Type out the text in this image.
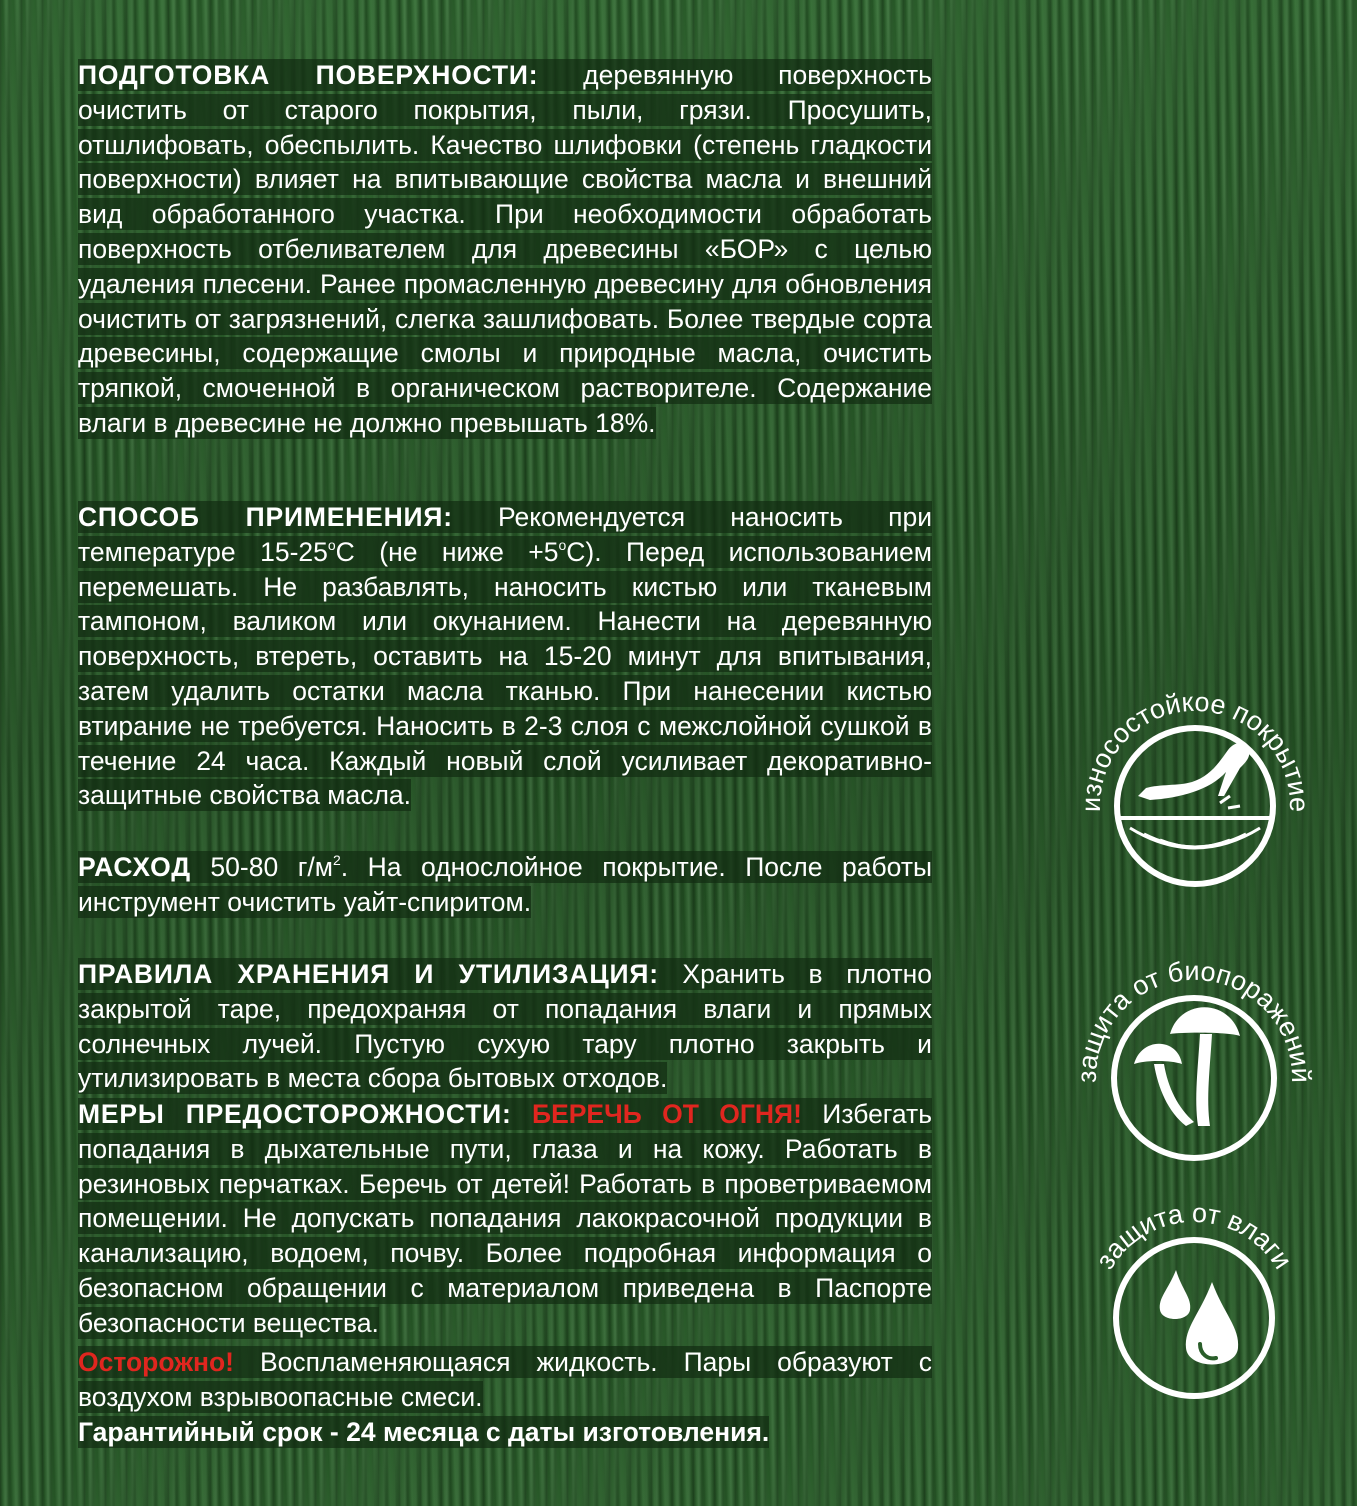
ПОДГОТОВКА ПОВЕРХНОСТИ: деревянную поверхность очистить от старого покрытия, пыли, грязи. Просушить, отшлифовать, обеспылить. Качество шлифовки (степень гладкости поверхности) влияет на впитывающие свойства масла и внешний вид обработанного участка. При необходимости обработать поверхность отбеливателем для древесины «БОР» с целью удаления плесени. Ранее промасленную древесину для обновления очистить от загрязнений, слегка зашлифовать. Более твердые сорта древесины, содержащие смолы и природные масла, очистить тряпкой, смоченной в органическом растворителе. Содержание влаги в древесине не должно превышать 18%.

СПОСОБ ПРИМЕНЕНИЯ: Рекомендуется наносить при температуре $15-25^оС$ (не ниже $+5^оС$). Перед использованием перемешать. Не разбавлять, наносить кистью или тканевым тампоном, валиком или окунанием. Нанести на деревянную поверхность, втереть, оставить на 15-20 минут для впитывания, затем удалить остатки масла тканью. При нанесении кистью втирание не требуется. Наносить в 2-3 слоя с межслойной сушкой в течение 24 часа. Каждый новый слой усиливает декоративно-защитные свойства масла.

РАСХОД 50-80 $г/м^2$. На однослойное покрытие. После работы инструмент очистить уайт-спиритом.

ПРАВИЛА ХРАНЕНИЯ И УТИЛИЗАЦИЯ: Хранить в плотно закрытой таре, предохраняя от попадания влаги и прямых солнечных лучей. Пустую сухую тару плотно закрыть и утилизировать в места сбора бытовых отходов.

МЕРЫ ПРЕДОСТОРОЖНОСТИ: БЕРЕЧЬ ОТ ОГНЯ! Избегать попадания в дыхательные пути, глаза и на кожу. Работать в резиновых перчатках. Беречь от детей! Работать в проветриваемом помещении. Не допускать попадания лакокрасочной продукции в канализацию, водоем, почву. Более подробная информация о безопасном обращении с материалом приведена в Паспорте безопасности вещества.

Осторожно! Воспламеняющаяся жидкость. Пары образуют с воздухом взрывоопасные смеси.

Гарантийный срок - 24 месяца с даты изготовления.

износостойкое покрытие
защита от биопоражений
защита от влаги
